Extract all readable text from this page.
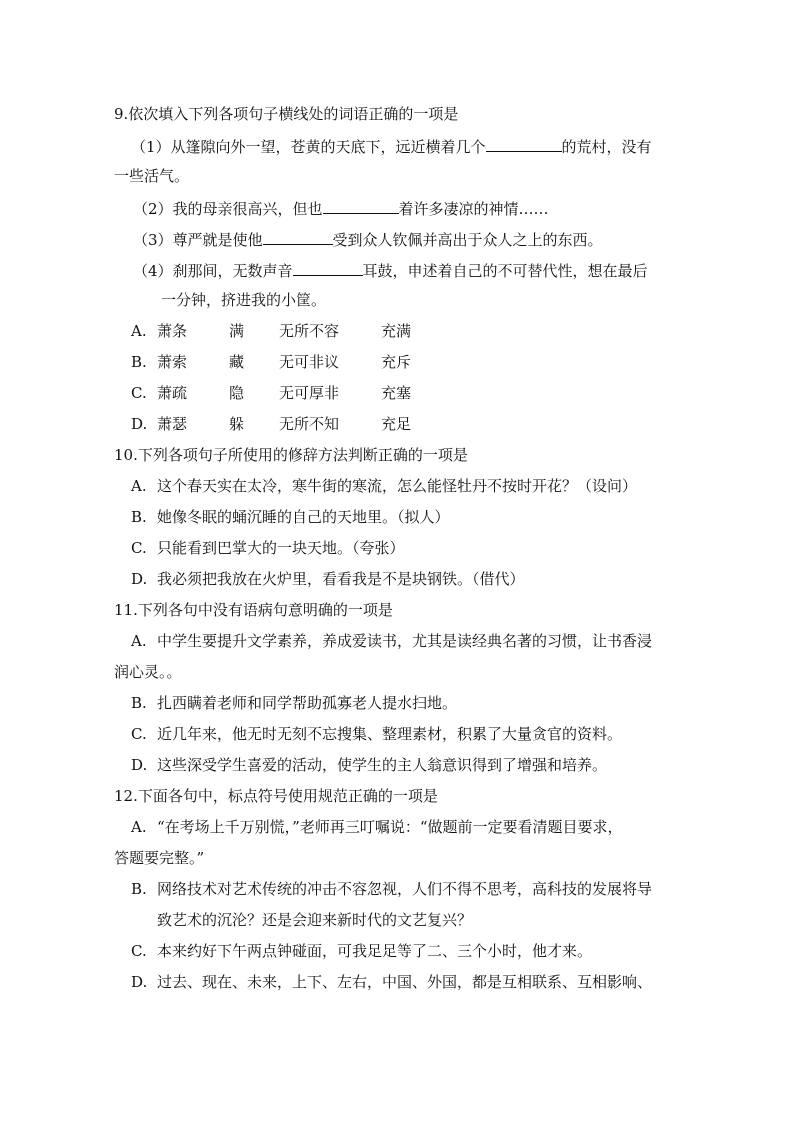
9.依次填入下列各项句子横线处的词语正确的一项是
（1）从篷隙向外一望，苍黄的天底下，远近横着几个	的荒村，没有
一些活气。
（2）我的母亲很高兴，但也	着许多凄凉的神情……
（3）尊严就是使他	受到众人钦佩并高出于众人之上的东西。
（4）刹那间，无数声音	耳鼓，申述着自己的不可替代性，想在最后
一分钟，挤进我的小筐。
A. 萧条	满 无所不容	充满
B. 萧索	藏 无可非议	充斥
C. 萧疏	隐 无可厚非	充塞
D. 萧瑟	躲 无所不知	充足
10.下列各项句子所使用的修辞方法判断正确的一项是
A. 这个春天实在太冷，寒牛街的寒流，怎么能怪牡丹不按时开花？（设问）
B. 她像冬眠的蛹沉睡的自己的天地里。（拟人）
C. 只能看到巴掌大的一块天地。（夸张）
D. 我必须把我放在火炉里，看看我是不是块钢铁。（借代）
11.下列各句中没有语病句意明确的一项是
A. 中学生要提升文学素养，养成爱读书，尤其是读经典名著的习惯，让书香浸
润心灵。。
B. 扎西瞒着老师和同学帮助孤寡老人提水扫地。
C. 近几年来，他无时无刻不忘搜集、整理素材，积累了大量贪官的资料。
D. 这些深受学生喜爱的活动，使学生的主人翁意识得到了增强和培养。
12.下面各句中，标点符号使用规范正确的一项是
A. “在考场上千万别慌，”老师再三叮嘱说：“做题前一定要看清题目要求，
答题要完整。”
B. 网络技术对艺术传统的冲击不容忽视，人们不得不思考，高科技的发展将导
致艺术的沉沦？还是会迎来新时代的文艺复兴？
C. 本来约好下午两点钟碰面，可我足足等了二、三个小时，他才来。
D. 过去、现在、未来，上下、左右，中国、外国，都是互相联系、互相影响、
